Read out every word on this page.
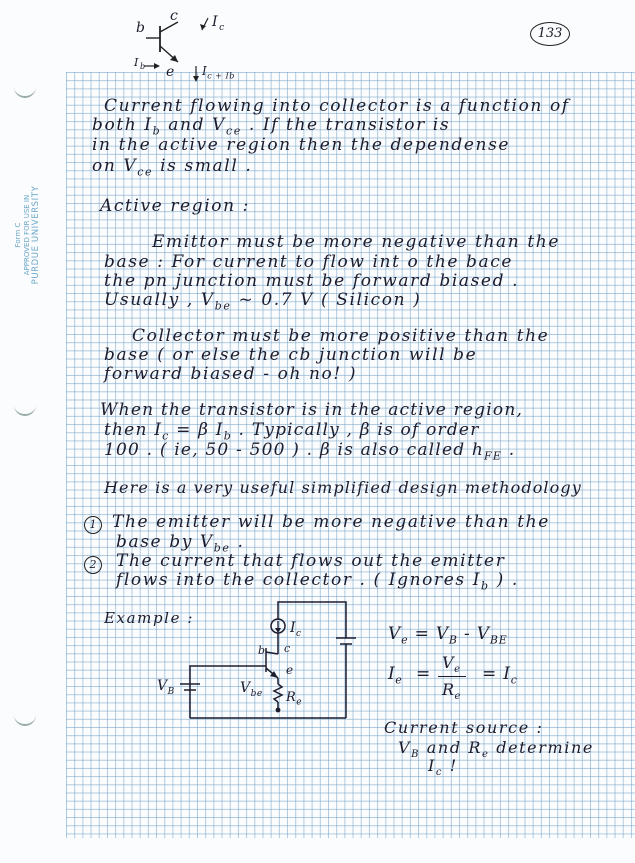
Form C APPROVED FOR USE IN PURDUE UNIVERSITY
133
b
c
e
$I_c$
$I_b$	$I_{c + Ib}$
Current flowing into collector is a function of
both $I_b$ and $V_{ce}$ . If the transistor is
in the active region then the dependense
on $V_{ce}$ is small .
Active region :
Emittor must be more negative than the
base : For current to flow int o the bace
the pn junction must be forward biased .
Usually , $V_{be}$ ~ 0.7 V ( Silicon )
Collector must be more positive than the
base ( or else the cb junction will be
forward biased - oh no! )
When the transistor is in the active region,
then $I_c = \beta$ $I_b$ . Typically , β is of order
100 . ( ie, 50 - 500 ) . β is also called $h_{FE}$ .
Here is a very useful simplified design methodology
1 The emitter will be more negative than the
base by $V_{be}$ .
2	The current that flows out the emitter
flows into the collector . ( Ignores $I_b$ ) .
Example :
$I_c$
b c
e
$V_B$	$V_{be}$ $R_e$
$V_e = V_B - V_{BE}$
$I_e$ =
$V_e$
$R_e$
= $I_c$
Current source :
$V_B$ and $R_e$ determine
$I_c$ !
